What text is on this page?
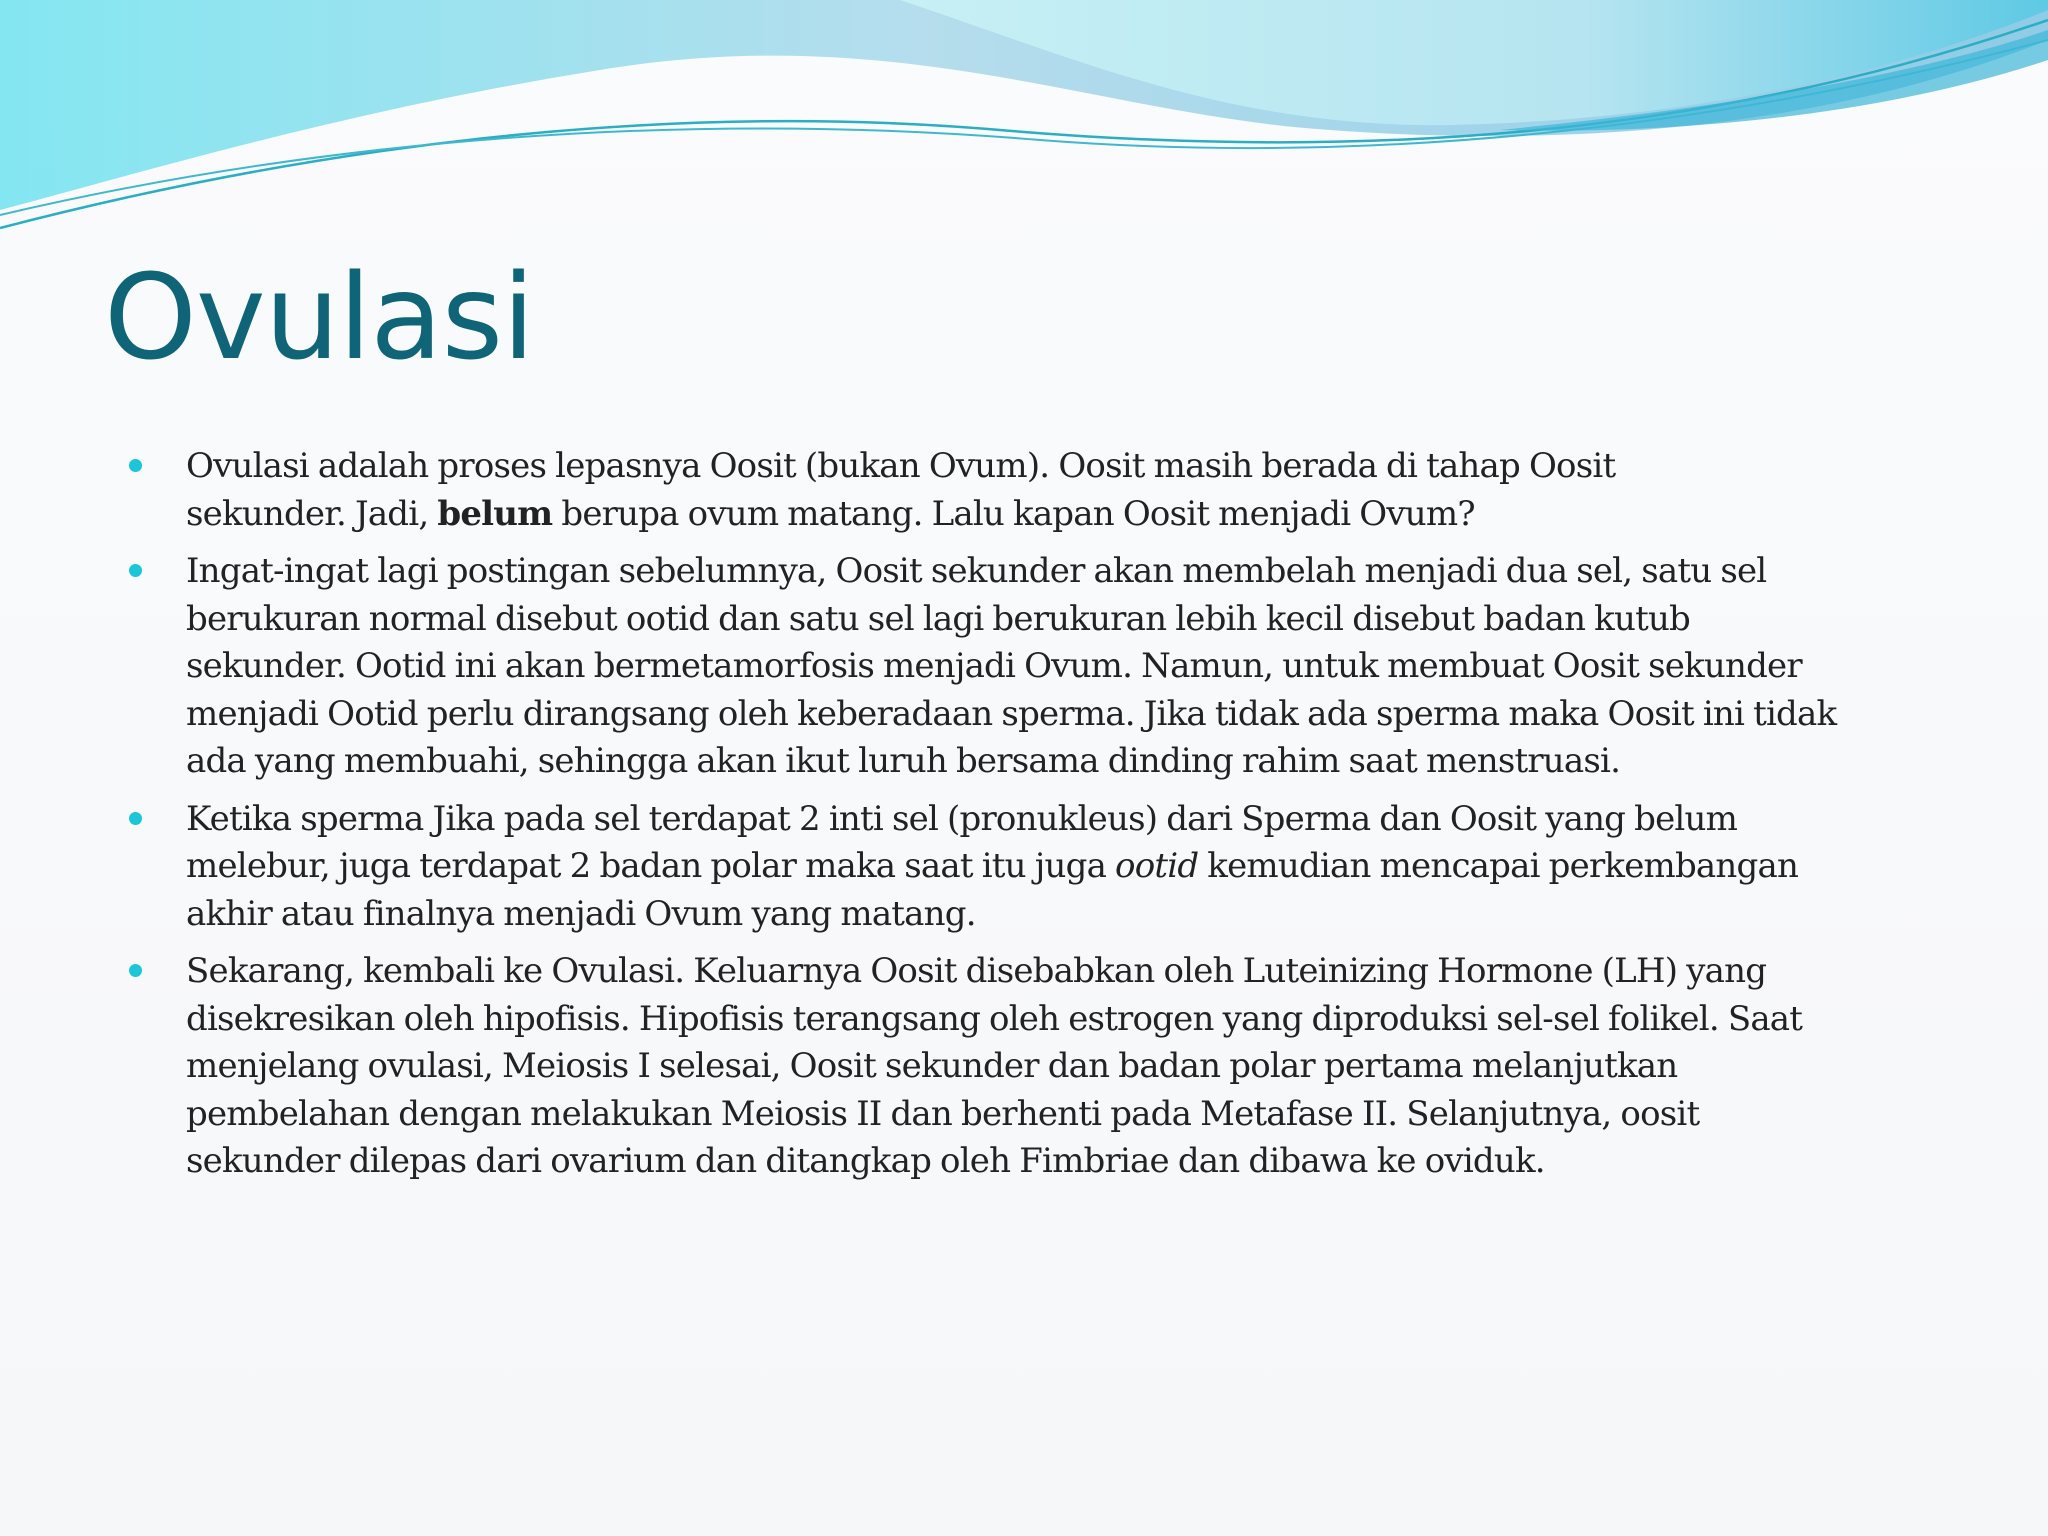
Ovulasi
Ovulasi adalah proses lepasnya Oosit (bukan Ovum). Oosit masih berada di tahap Oosit
sekunder. Jadi, belum berupa ovum matang. Lalu kapan Oosit menjadi Ovum?
Ingat-ingat lagi postingan sebelumnya, Oosit sekunder akan membelah menjadi dua sel, satu sel
berukuran normal disebut ootid dan satu sel lagi berukuran lebih kecil disebut badan kutub
sekunder. Ootid ini akan bermetamorfosis menjadi Ovum. Namun, untuk membuat Oosit sekunder
menjadi Ootid perlu dirangsang oleh keberadaan sperma. Jika tidak ada sperma maka Oosit ini tidak
ada yang membuahi, sehingga akan ikut luruh bersama dinding rahim saat menstruasi.
Ketika sperma Jika pada sel terdapat 2 inti sel (pronukleus) dari Sperma dan Oosit yang belum
melebur, juga terdapat 2 badan polar maka saat itu juga ootid kemudian mencapai perkembangan
akhir atau finalnya menjadi Ovum yang matang.
Sekarang, kembali ke Ovulasi. Keluarnya Oosit disebabkan oleh Luteinizing Hormone (LH) yang
disekresikan oleh hipofisis. Hipofisis terangsang oleh estrogen yang diproduksi sel-sel folikel. Saat
menjelang ovulasi, Meiosis I selesai, Oosit sekunder dan badan polar pertama melanjutkan
pembelahan dengan melakukan Meiosis II dan berhenti pada Metafase II. Selanjutnya, oosit
sekunder dilepas dari ovarium dan ditangkap oleh Fimbriae dan dibawa ke oviduk.
